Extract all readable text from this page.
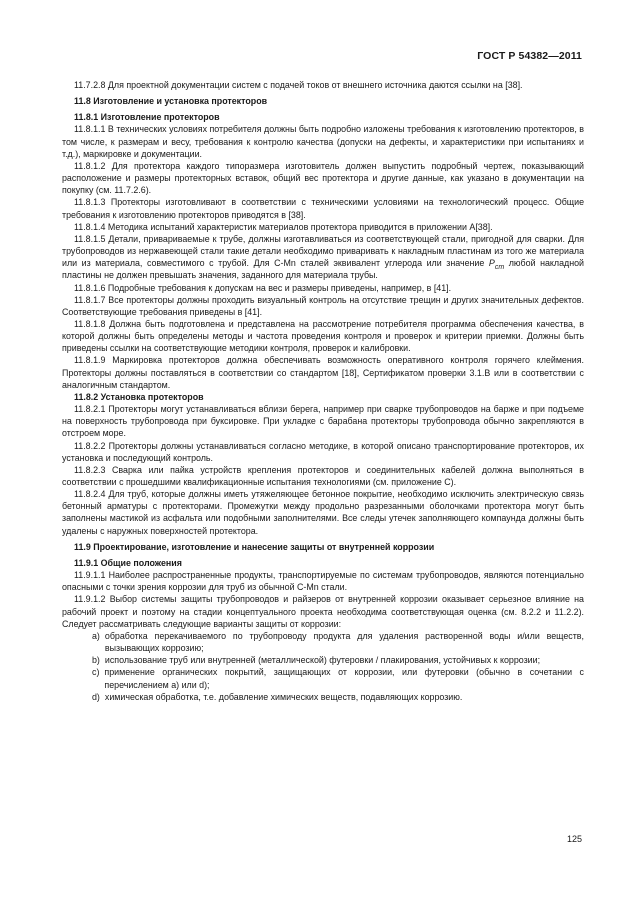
ГОСТ Р 54382—2011

11.7.2.8 Для проектной документации систем с подачей токов от внешнего источника даются ссылки на [38].

11.8 Изготовление и установка протекторов

11.8.1 Изготовление протекторов

11.8.1.1 В технических условиях потребителя должны быть подробно изложены требования к изготовлению протекторов, в том числе, к размерам и весу, требования к контролю качества (допуски на дефекты, и характеристики при испытаниях и т.д.), маркировке и документации.

11.8.1.2 Для протектора каждого типоразмера изготовитель должен выпустить подробный чертеж, показывающий расположение и размеры протекторных вставок, общий вес протектора и другие данные, как указано в документации на покупку (см. 11.7.2.6).

11.8.1.3 Протекторы изготовливают в соответствии с техническими условиями на технологический процесс. Общие требования к изготовлению протекторов приводятся в [38].

11.8.1.4 Методика испытаний характеристик материалов протектора приводится в приложении А[38].

11.8.1.5 Детали, привариваемые к трубе, должны изготавливаться из соответствующей стали, пригодной для сварки. Для трубопроводов из нержавеющей стали такие детали необходимо приваривать к накладным пластинам из того же материала или из материала, совместимого с трубой. Для С-Mn сталей эквивалент углерода или значение $P_{cm}$ любой накладной пластины не должен превышать значения, заданного для материала трубы.

11.8.1.6 Подробные требования к допускам на вес и размеры приведены, например, в [41].

11.8.1.7 Все протекторы должны проходить визуальный контроль на отсутствие трещин и других значительных дефектов. Соответствующие требования приведены в [41].

11.8.1.8 Должна быть подготовлена и представлена на рассмотрение потребителя программа обеспечения качества, в которой должны быть определены методы и частота проведения контроля и проверок и критерии приемки. Должны быть приведены ссылки на соответствующие методики контроля, проверок и калибровки.

11.8.1.9 Маркировка протекторов должна обеспечивать возможность оперативного контроля горячего клеймения. Протекторы должны поставляться в соответствии со стандартом [18], Сертификатом проверки 3.1.В или в соответствии с аналогичным стандартом.

11.8.2 Установка протекторов

11.8.2.1 Протекторы могут устанавливаться вблизи берега, например при сварке трубопроводов на барже и при подъеме на поверхность трубопровода при буксировке. При укладке с барабана протекторы трубопровода обычно закрепляются в отстроем море.

11.8.2.2 Протекторы должны устанавливаться согласно методике, в которой описано транспортирование протекторов, их установка и последующий контроль.

11.8.2.3 Сварка или пайка устройств крепления протекторов и соединительных кабелей должна выполняться в соответствии с прошедшими квалификационные испытания технологиями (см. приложение С).

11.8.2.4 Для труб, которые должны иметь утяжеляющее бетонное покрытие, необходимо исключить электрическую связь бетонный арматуры с протекторами. Промежутки между продольно разрезанными оболочками протектора могут быть заполнены мастикой из асфальта или подобными заполнителями. Все следы утечек заполняющего компаунда должны быть удалены с наружных поверхностей протектора.

11.9 Проектирование, изготовление и нанесение защиты от внутренней коррозии

11.9.1 Общие положения

11.9.1.1 Наиболее распространенные продукты, транспортируемые по системам трубопроводов, являются потенциально опасными с точки зрения коррозии для труб из обычной С-Mn стали.

11.9.1.2 Выбор системы защиты трубопроводов и райзеров от внутренней коррозии оказывает серьезное влияние на рабочий проект и поэтому на стадии концептуального проекта необходима соответствующая оценка (см. 8.2.2 и 11.2.2). Следует рассматривать следующие варианты защиты от коррозии:

a) обработка перекачиваемого по трубопроводу продукта для удаления растворенной воды и/или веществ, вызывающих коррозию;
b) использование труб или внутренней (металлической) футеровки / плакирования, устойчивых к коррозии;
c) применение органических покрытий, защищающих от коррозии, или футеровки (обычно в сочетании с перечислением а) или d);
d) химическая обработка, т.е. добавление химических веществ, подавляющих коррозию.
125
